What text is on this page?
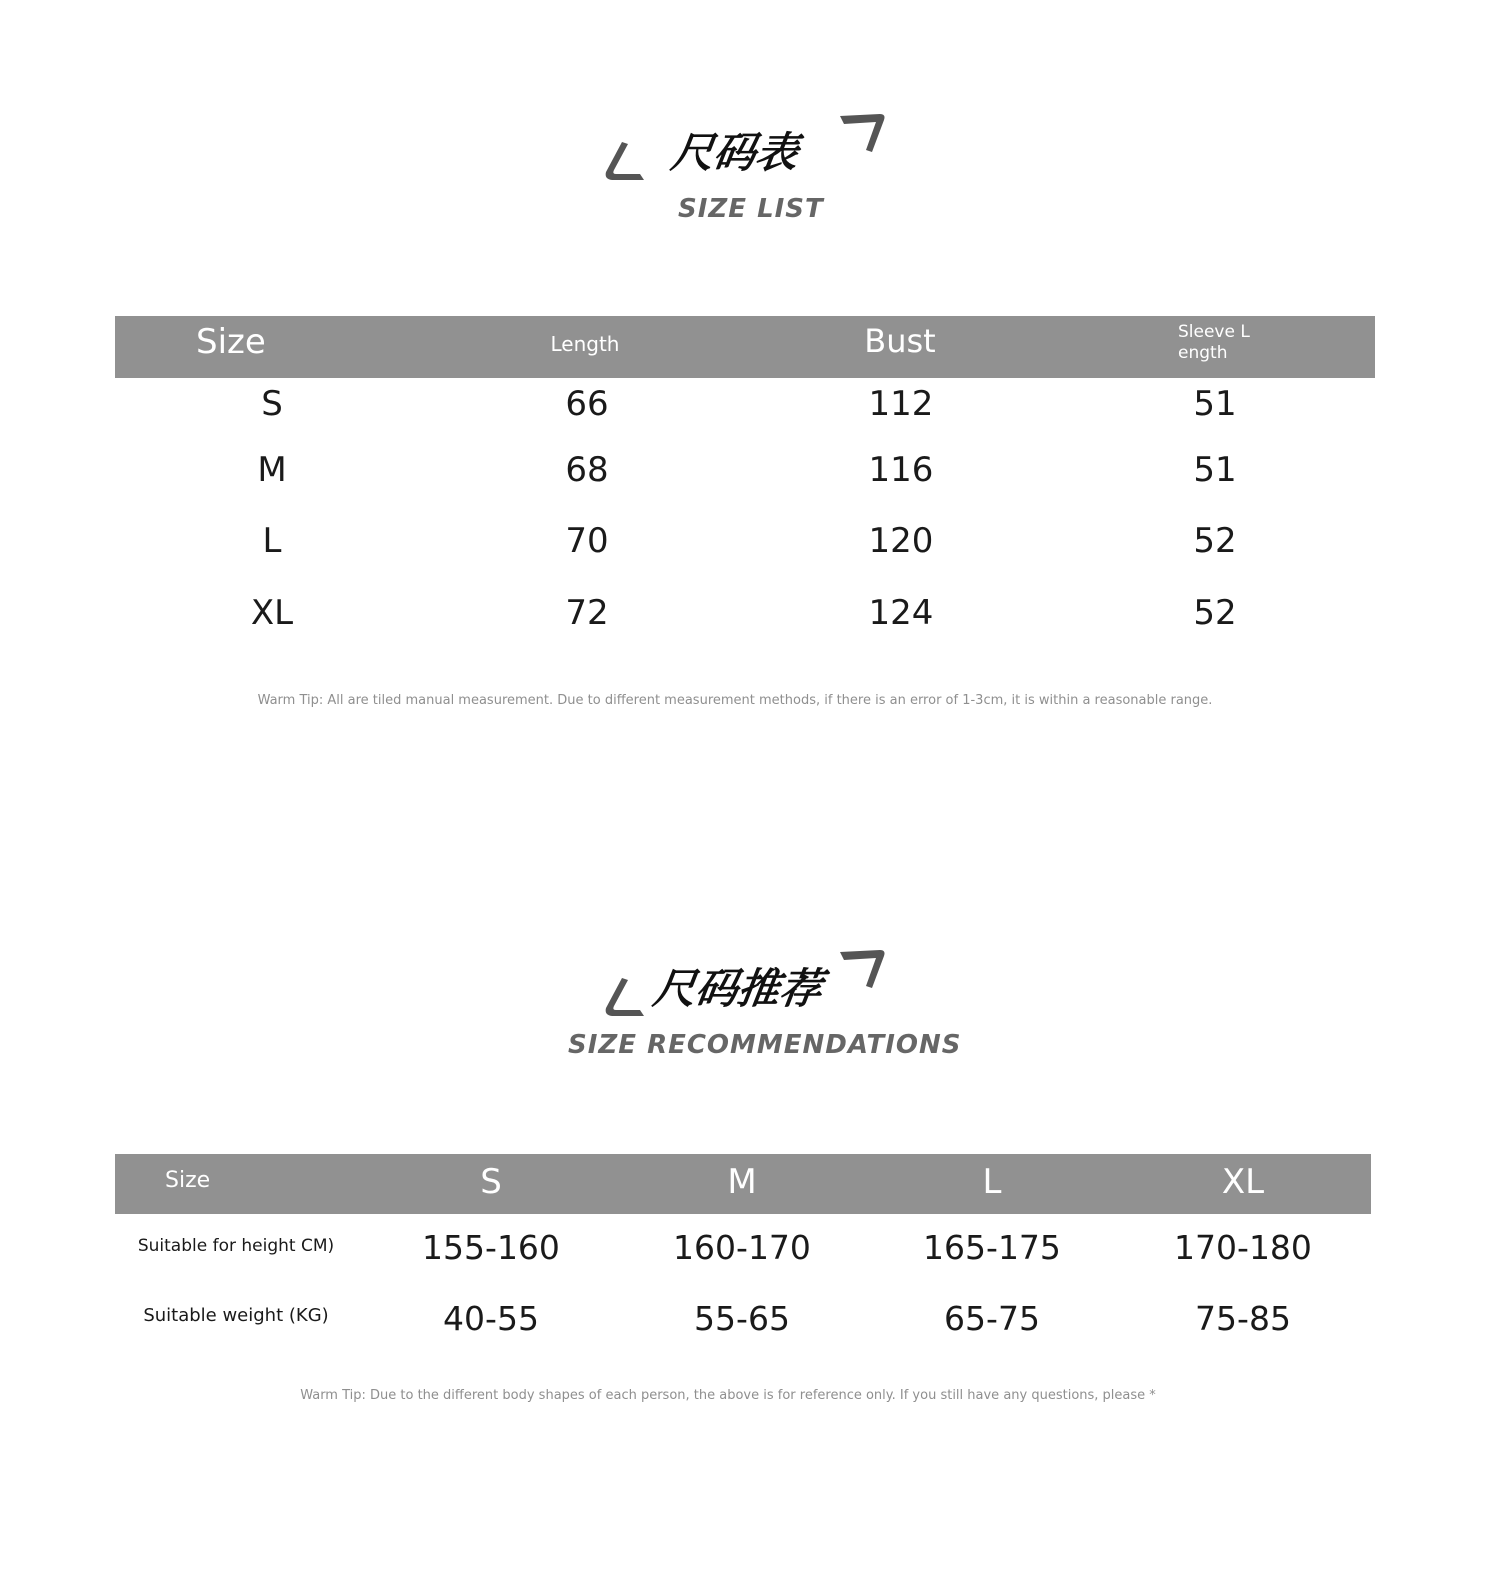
尺码表
SIZE LIST
Size	Length	Bust	Sleeve L
ength
S	66	112	51
M	68	116	51
L	70	120	52
XL	72	124	52
Warm Tip: All are tiled manual measurement. Due to different measurement methods, if there is an error of 1-3cm, it is within a reasonable range.
尺码推荐
SIZE RECOMMENDATIONS
Size	S	M	L	XL
Suitable for height CM)	155-160	160-170	165-175	170-180
Suitable weight (KG)	40-55	55-65	65-75	75-85
Warm Tip: Due to the different body shapes of each person, the above is for reference only. If you still have any questions, please *
